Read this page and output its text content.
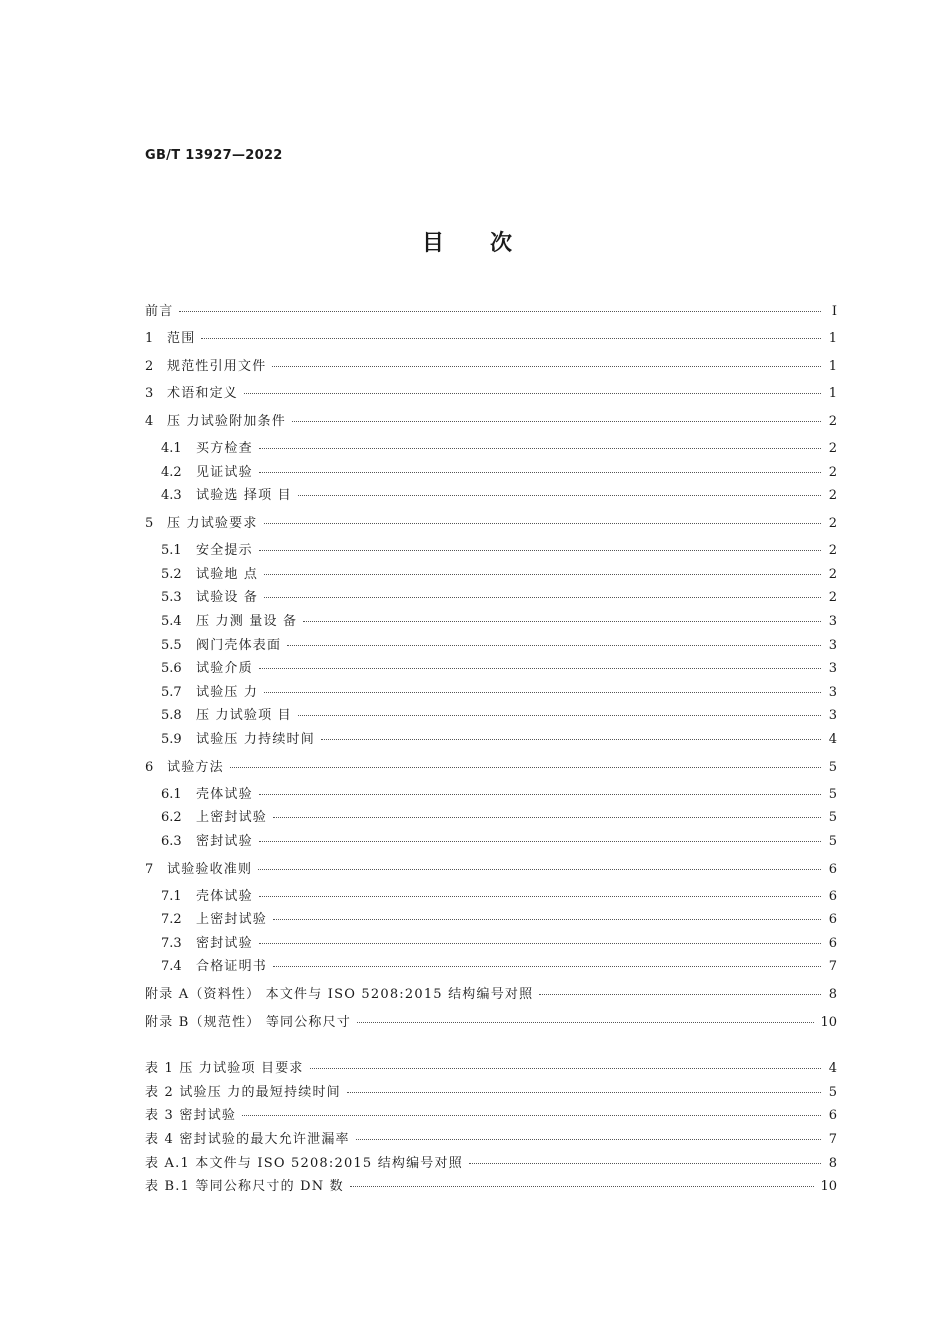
GB/T 13927—2022
目次
前言	Ⅰ
1	范围	1
2	规范性引用文件	1
3	术语和定义	1
4	压 力试验附加条件	2
4.1	买方检查	2
4.2	见证试验	2
4.3	试验选 择项 目	2
5	压 力试验要求	2
5.1	安全提示	2
5.2	试验地 点	2
5.3	试验设 备	2
5.4	压 力测 量设 备	3
5.5	阀门壳体表面	3
5.6	试验介质	3
5.7	试验压 力	3
5.8	压 力试验项 目	3
5.9	试验压 力持续时间	4
6	试验方法	5
6.1	壳体试验	5
6.2	上密封试验	5
6.3	密封试验	5
7	试验验收准则	6
7.1	壳体试验	6
7.2	上密封试验	6
7.3	密封试验	6
7.4	合格证明书	7
附录 A（资料性） 本文件与 ISO 5208:2015 结构编号对照	8
附录 B（规范性） 等同公称尺寸	10
表 1 压 力试验项 目要求	4
表 2 试验压 力的最短持续时间	5
表 3 密封试验	6
表 4 密封试验的最大允许泄漏率	7
表 A.1 本文件与 ISO 5208:2015 结构编号对照	8
表 B.1 等同公称尺寸的 DN 数	10
